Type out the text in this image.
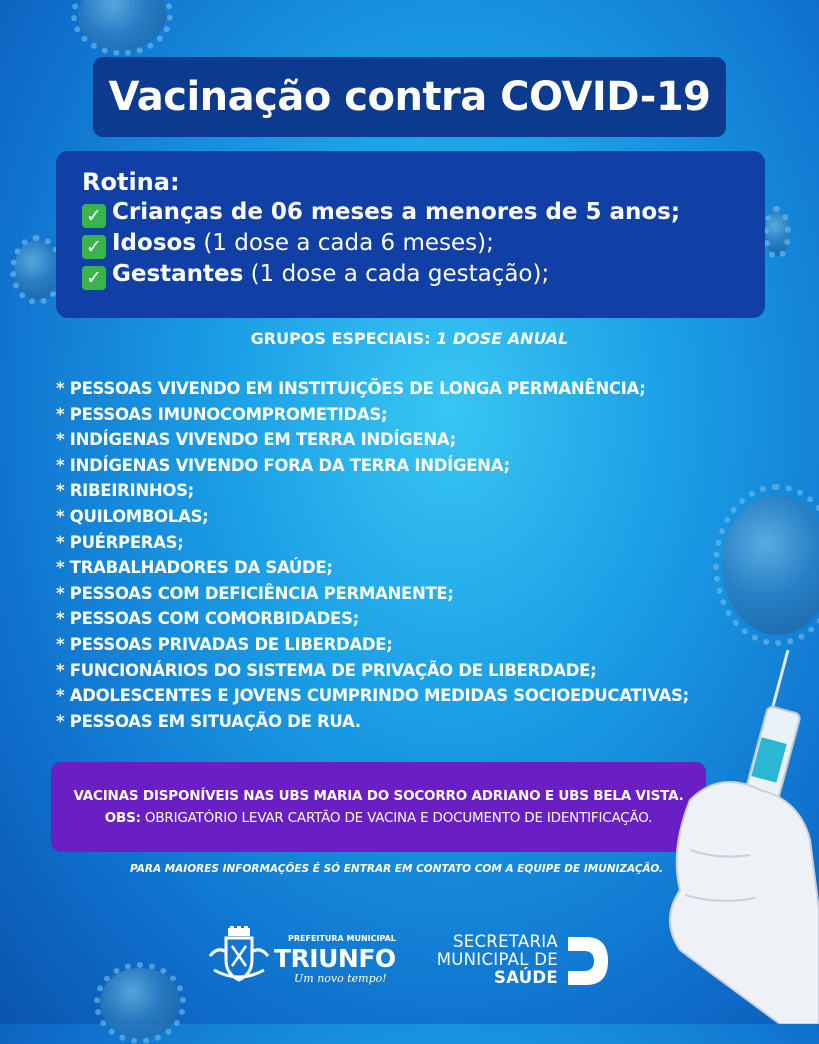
Vacinação contra COVID-19
Rotina:
✓ Crianças de 06 meses a menores de 5 anos;
✓ Idosos (1 dose a cada 6 meses);
✓ Gestantes (1 dose a cada gestação);
GRUPOS ESPECIAIS: 1 DOSE ANUAL
* PESSOAS VIVENDO EM INSTITUIÇÕES DE LONGA PERMANÊNCIA;
* PESSOAS IMUNOCOMPROMETIDAS;
* INDÍGENAS VIVENDO EM TERRA INDÍGENA;
* INDÍGENAS VIVENDO FORA DA TERRA INDÍGENA;
* RIBEIRINHOS;
* QUILOMBOLAS;
* PUÉRPERAS;
* TRABALHADORES DA SAÚDE;
* PESSOAS COM DEFICIÊNCIA PERMANENTE;
* PESSOAS COM COMORBIDADES;
* PESSOAS PRIVADAS DE LIBERDADE;
* FUNCIONÁRIOS DO SISTEMA DE PRIVAÇÃO DE LIBERDADE;
* ADOLESCENTES E JOVENS CUMPRINDO MEDIDAS SOCIOEDUCATIVAS;
* PESSOAS EM SITUAÇÃO DE RUA.
VACINAS DISPONÍVEIS NAS UBS MARIA DO SOCORRO ADRIANO E UBS BELA VISTA.
OBS: OBRIGATÓRIO LEVAR CARTÃO DE VACINA E DOCUMENTO DE IDENTIFICAÇÃO.
PARA MAIORES INFORMAÇÕES É SÓ ENTRAR EM CONTATO COM A EQUIPE DE IMUNIZAÇÃO.
PREFEITURA MUNICIPAL
TRIUNFO
Um novo tempo!
SECRETARIA
MUNICIPAL DE
SAÚDE
